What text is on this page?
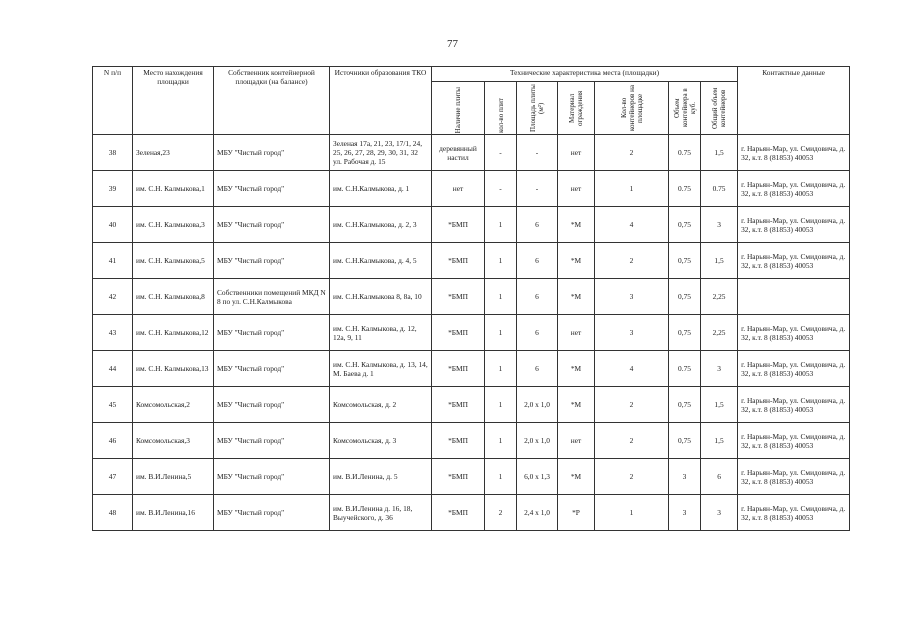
77
N п/п	Место нахождения площадки	Собственник контейнерной площадки (на балансе)	Источники образования ТКО	Технические характеристика места (площадки)							Контактные данные

				Наличие плиты	кол-во плит	Площадь плиты (м²)	Материал ограждения	Кол-во контейнеров на площадке	Объем контейнера в куб.	Общий объем контейнеров	

38	Зеленая,23	МБУ "Чистый город"	Зеленая 17а, 21, 23, 17/1, 24, 25, 26, 27, 28, 29, 30, 31, 32 ул. Рабочая д. 15	деревянный настил	-	-	нет	2	0.75	1,5	г. Нарьян-Мар, ул. Смидовича, д. 32, к.т. 8 (81853) 40053
39	им. С.Н. Калмыкова,1	МБУ "Чистый город"	им. С.Н.Калмыкова, д. 1	нет	-	-	нет	1	0.75	0.75	г. Нарьян-Мар, ул. Смидовича, д. 32, к.т. 8 (81853) 40053
40	им. С.Н. Калмыкова,3	МБУ "Чистый город"	им. С.Н.Калмыкова, д. 2, 3	*БМП	1	6	*М	4	0,75	3	г. Нарьян-Мар, ул. Смидовича, д. 32, к.т. 8 (81853) 40053
41	им. С.Н. Калмыкова,5	МБУ "Чистый город"	им. С.Н.Калмыкова, д. 4, 5	*БМП	1	6	*М	2	0,75	1,5	г. Нарьян-Мар, ул. Смидовича, д. 32, к.т. 8 (81853) 40053
42	им. С.Н. Калмыкова,8	Собственники помещений МКД N 8 по ул. С.Н.Калмыкова	им. С.Н.Калмыкова 8, 8а, 10	*БМП	1	6	*М	3	0,75	2,25	
43	им. С.Н. Калмыкова,12	МБУ "Чистый город"	им. С.Н. Калмыкова, д. 12, 12а, 9, 11	*БМП	1	6	нет	3	0,75	2,25	г. Нарьян-Мар, ул. Смидовича, д. 32, к.т. 8 (81853) 40053
44	им. С.Н. Калмыкова,13	МБУ "Чистый город"	им. С.Н. Калмыкова, д. 13, 14, М. Баева д. 1	*БМП	1	6	*М	4	0.75	3	г. Нарьян-Мар, ул. Смидовича, д. 32, к.т. 8 (81853) 40053
45	Комсомольская,2	МБУ "Чистый город"	Комсомольская, д. 2	*БМП	1	2,0 х 1,0	*М	2	0,75	1,5	г. Нарьян-Мар, ул. Смидовича, д. 32, к.т. 8 (81853) 40053
46	Комсомольская,3	МБУ "Чистый город"	Комсомольская, д. 3	*БМП	1	2,0 х 1,0	нет	2	0,75	1,5	г. Нарьян-Мар, ул. Смидовича, д. 32, к.т. 8 (81853) 40053
47	им. В.И.Ленина,5	МБУ "Чистый город"	им. В.И.Ленина, д. 5	*БМП	1	6,0 х 1,3	*М	2	3	6	г. Нарьян-Мар, ул. Смидовича, д. 32, к.т. 8 (81853) 40053
48	им. В.И.Ленина,16	МБУ "Чистый город"	им. В.И.Ленина д. 16, 18, Выучейского, д. 36	*БМП	2	2,4 х 1,0	*Р	1	3	3	г. Нарьян-Мар, ул. Смидовича, д. 32, к.т. 8 (81853) 40053
